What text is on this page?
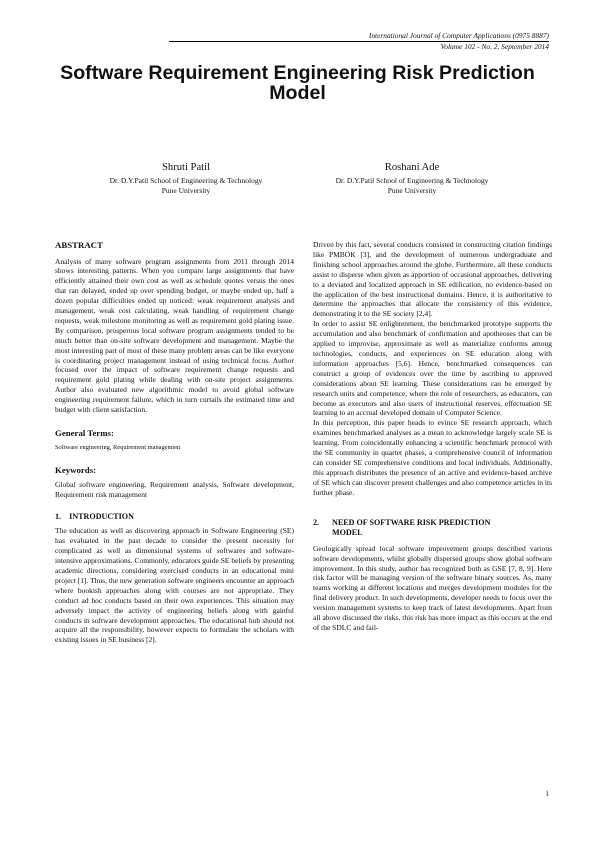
International Journal of Computer Applications (0975 8887)
Volume 102 - No. 2, September 2014
Software Requirement Engineering Risk Prediction Model
Shruti Patil
Dr. D.Y.Patil School of Engineering & Technology
Pune University
Roshani Ade
Dr. D.Y.Patil School of Engineering & Technology
Pune University
ABSTRACT

Analysis of many software program assignments from 2011 through 2014 shows interesting patterns. When you compare large assignments that have efficiently attained their own cost as well as schedule quotes versus the ones that ran delayed, ended up over spending budget, or maybe ended up, half a dozen popular difficulties ended up noticed: weak requirement analysis and management, weak cost calculating, weak handling of requirement change requests, weak milestone monitoring as well as requirement gold plating issue. By comparison, prosperous local software program assignments tended to be much better than on-site software development and management. Maybe the most interesting part of most of these many problem areas can be like everyone is coordinating project management instead of using technical focus. Author focused over the impact of software requirement change requests and requirement gold plating while dealing with on-site project assignments. Author also evaluated new algorithmic model to avoid global software engineering requirement failure, which in turn curtails the estimated time and budget with client satisfaction.

General Terms:

Software engineering, Requirement management

Keywords:

Global software engineering, Requirement analysis, Software development, Requirement risk management

1.    INTRODUCTION

The education as well as discovering approach in Software Engineering (SE) has evaluated in the past decade to consider the present necessity for complicated as well as dimensional systems of softwares and software-intensive approximations. Commonly, educators guide SE beliefs by presenting academic directions, considering exercised conducts in an educational mini project [1]. Thus, the new generation software engineers encounter an approach where bookish approaches along with courses are not appropriate. They conduct ad hoc conducts based on their own experiences. This situation may adversely impact the activity of engineering beliefs along with gainful conducts in software development approaches. The educational hub should not acquire all the responsibility, however expects to formulate the scholars with existing issues in SE business [2].

Driven by this fact, several conducts consisted in constructing citation findings like PMBOK [3], and the development of numerous undergraduate and finishing school approaches around the globe. Furthermore, all these conducts assist to disperse when given as apportion of occasional approaches, delivering to a deviated and localized approach in SE edification, no evidence-based on the application of the best instructional domains. Hence, it is authoritative to determine the approaches that allocate the consistency of this evidence, demonstrating it to the SE society [2,4].

In order to assist SE enlightenment, the benchmarked prototype supports the accumulation and also benchmark of confirmation and apotheoses that can be applied to improvise, approximate as well as materialize conforms among technologies, conducts, and experiences on SE education along with information approaches [5,6]. Hence, benchmarked consequences can construct a group of evidences over the time by ascribing to approved considerations about SE learning. These considerations can be emerged by research units and competence, where the role of researchers, as educators, can become as executors and also users of instructional reserves, effectuation SE learning to an accrual developed domain of Computer Science.

In this perception, this paper heads to evince SE research approach, which examines benchmarked analyses as a mean to acknowledge largely scale SE is learning. From coincidentally enhancing a scientific benchmark protocol with the SE community in quartet phases, a comprehensive council of information can consider SE comprehensive conditions and local individuals. Additionally, this approach distributes the presence of an active and evidence-based archive of SE which can discover present challenges and also competence articles in its further phase.

2.	NEED OF SOFTWARE RISK PREDICTION
MODEL

Geologically spread local software improvement groups described various software developments, whilst globally dispersed groups show global software improvement. In this study, author has recognized both as GSE [7, 8, 9]. Here risk factor will be managing version of the software binary sources. As, many teams working at different locations and merges development modules for the final delivery product. In such developments, developer needs to focus over the version management systems to keep track of latest developments. Apart from all above discussed the risks, this risk has more impact as this occurs at the end of the SDLC and fail-

1
